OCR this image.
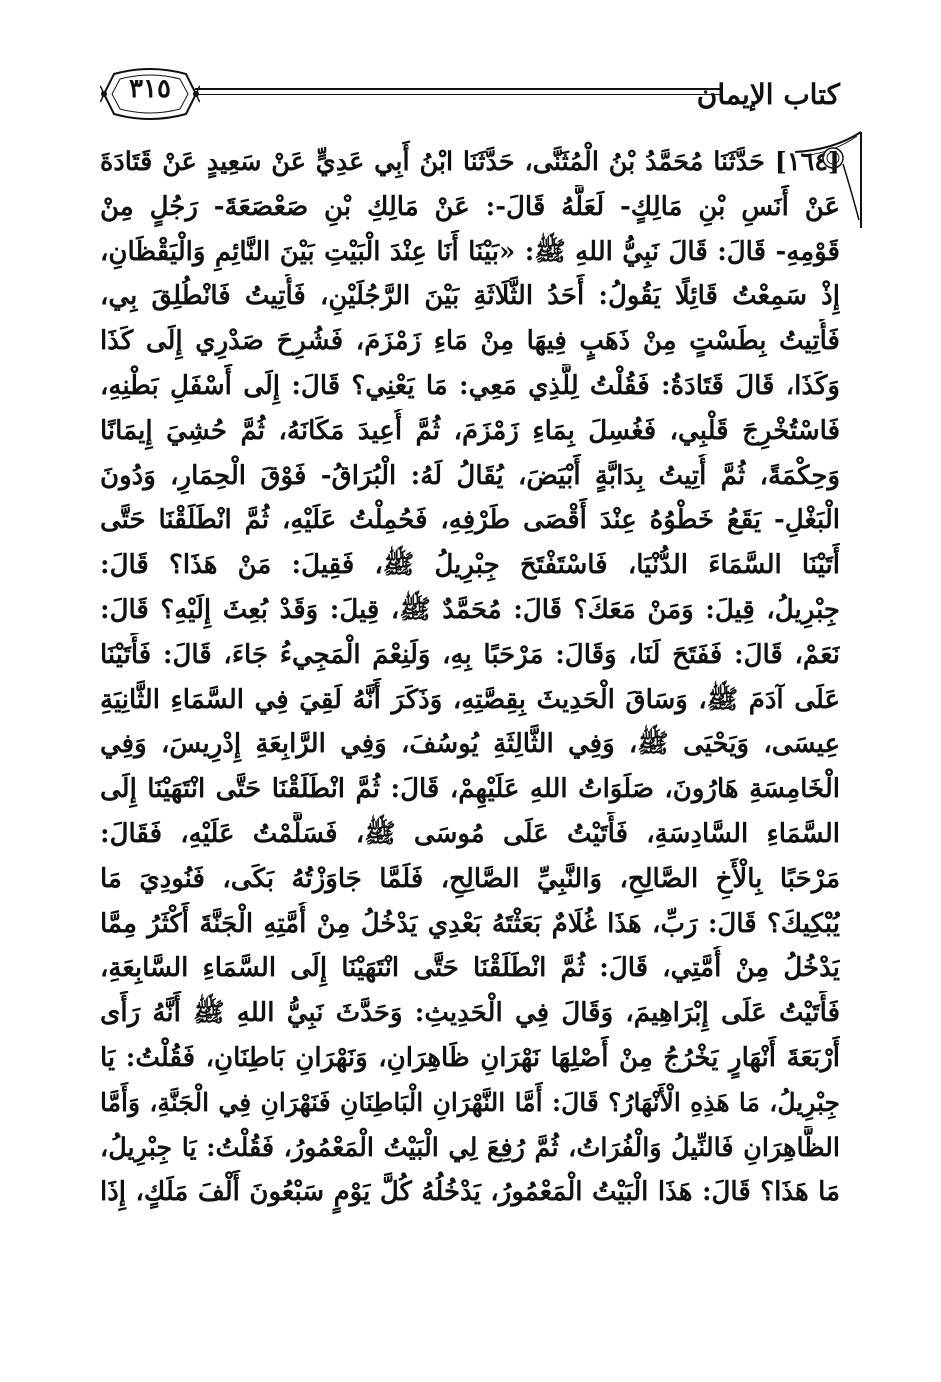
كتاب الإيمان
٣١٥
[١٦٤] حَدَّثَنَا مُحَمَّدُ بْنُ الْمُثَنَّى، حَدَّثَنَا ابْنُ أَبِي عَدِيٍّ عَنْ سَعِيدٍ عَنْ قَتَادَةَ
عَنْ أَنَسِ بْنِ مَالِكٍ- لَعَلَّهُ قَالَ-: عَنْ مَالِكِ بْنِ صَعْصَعَةَ- رَجُلٍ مِنْ
قَوْمِهِ- قَالَ: قَالَ نَبِيُّ اللهِ ﷺ: «بَيْنَا أَنَا عِنْدَ الْبَيْتِ بَيْنَ النَّائِمِ وَالْيَقْظَانِ،
إِذْ سَمِعْتُ قَائِلًا يَقُولُ: أَحَدُ الثَّلَاثَةِ بَيْنَ الرَّجُلَيْنِ، فَأُتِيتُ فَانْطُلِقَ بِي،
فَأُتِيتُ بِطَسْتٍ مِنْ ذَهَبٍ فِيهَا مِنْ مَاءِ زَمْزَمَ، فَشُرِحَ صَدْرِي إِلَى كَذَا
وَكَذَا، قَالَ قَتَادَةُ: فَقُلْتُ لِلَّذِي مَعِي: مَا يَعْنِي؟ قَالَ: إِلَى أَسْفَلِ بَطْنِهِ،
فَاسْتُخْرِجَ قَلْبِي، فَغُسِلَ بِمَاءِ زَمْزَمَ، ثُمَّ أُعِيدَ مَكَانَهُ، ثُمَّ حُشِيَ إِيمَانًا
وَحِكْمَةً، ثُمَّ أُتِيتُ بِدَابَّةٍ أَبْيَضَ، يُقَالُ لَهُ: الْبُرَاقُ- فَوْقَ الْحِمَارِ، وَدُونَ
الْبَغْلِ- يَقَعُ خَطْوُهُ عِنْدَ أَقْصَى طَرْفِهِ، فَحُمِلْتُ عَلَيْهِ، ثُمَّ انْطَلَقْنَا حَتَّى
أَتَيْنَا السَّمَاءَ الدُّنْيَا، فَاسْتَفْتَحَ جِبْرِيلُ ﷺ، فَقِيلَ: مَنْ هَذَا؟ قَالَ:
جِبْرِيلُ، قِيلَ: وَمَنْ مَعَكَ؟ قَالَ: مُحَمَّدٌ ﷺ، قِيلَ: وَقَدْ بُعِثَ إِلَيْهِ؟ قَالَ:
نَعَمْ، قَالَ: فَفَتَحَ لَنَا، وَقَالَ: مَرْحَبًا بِهِ، وَلَنِعْمَ الْمَجِيءُ جَاءَ، قَالَ: فَأَتَيْنَا
عَلَى آدَمَ ﷺ، وَسَاقَ الْحَدِيثَ بِقِصَّتِهِ، وَذَكَرَ أَنَّهُ لَقِيَ فِي السَّمَاءِ الثَّانِيَةِ
عِيسَى، وَيَحْيَى ﷺ، وَفِي الثَّالِثَةِ يُوسُفَ، وَفِي الرَّابِعَةِ إِدْرِيسَ، وَفِي
الْخَامِسَةِ هَارُونَ، صَلَوَاتُ اللهِ عَلَيْهِمْ، قَالَ: ثُمَّ انْطَلَقْنَا حَتَّى انْتَهَيْنَا إِلَى
السَّمَاءِ السَّادِسَةِ، فَأَتَيْتُ عَلَى مُوسَى ﷺ، فَسَلَّمْتُ عَلَيْهِ، فَقَالَ:
مَرْحَبًا بِالْأَخِ الصَّالِحِ، وَالنَّبِيِّ الصَّالِحِ، فَلَمَّا جَاوَزْتُهُ بَكَى، فَنُودِيَ مَا
يُبْكِيكَ؟ قَالَ: رَبِّ، هَذَا غُلَامٌ بَعَثْتَهُ بَعْدِي يَدْخُلُ مِنْ أُمَّتِهِ الْجَنَّةَ أَكْثَرُ مِمَّا
يَدْخُلُ مِنْ أُمَّتِي، قَالَ: ثُمَّ انْطَلَقْنَا حَتَّى انْتَهَيْنَا إِلَى السَّمَاءِ السَّابِعَةِ،
فَأَتَيْتُ عَلَى إِبْرَاهِيمَ، وَقَالَ فِي الْحَدِيثِ: وَحَدَّثَ نَبِيُّ اللهِ ﷺ أَنَّهُ رَأَى
أَرْبَعَةَ أَنْهَارٍ يَخْرُجُ مِنْ أَصْلِهَا نَهْرَانِ ظَاهِرَانِ، وَنَهْرَانِ بَاطِنَانِ، فَقُلْتُ: يَا
جِبْرِيلُ، مَا هَذِهِ الْأَنْهَارُ؟ قَالَ: أَمَّا النَّهْرَانِ الْبَاطِنَانِ فَنَهْرَانِ فِي الْجَنَّةِ، وَأَمَّا
الظَّاهِرَانِ فَالنِّيلُ وَالْفُرَاتُ، ثُمَّ رُفِعَ لِي الْبَيْتُ الْمَعْمُورُ، فَقُلْتُ: يَا جِبْرِيلُ،
مَا هَذَا؟ قَالَ: هَذَا الْبَيْتُ الْمَعْمُورُ، يَدْخُلُهُ كُلَّ يَوْمٍ سَبْعُونَ أَلْفَ مَلَكٍ، إِذَا
